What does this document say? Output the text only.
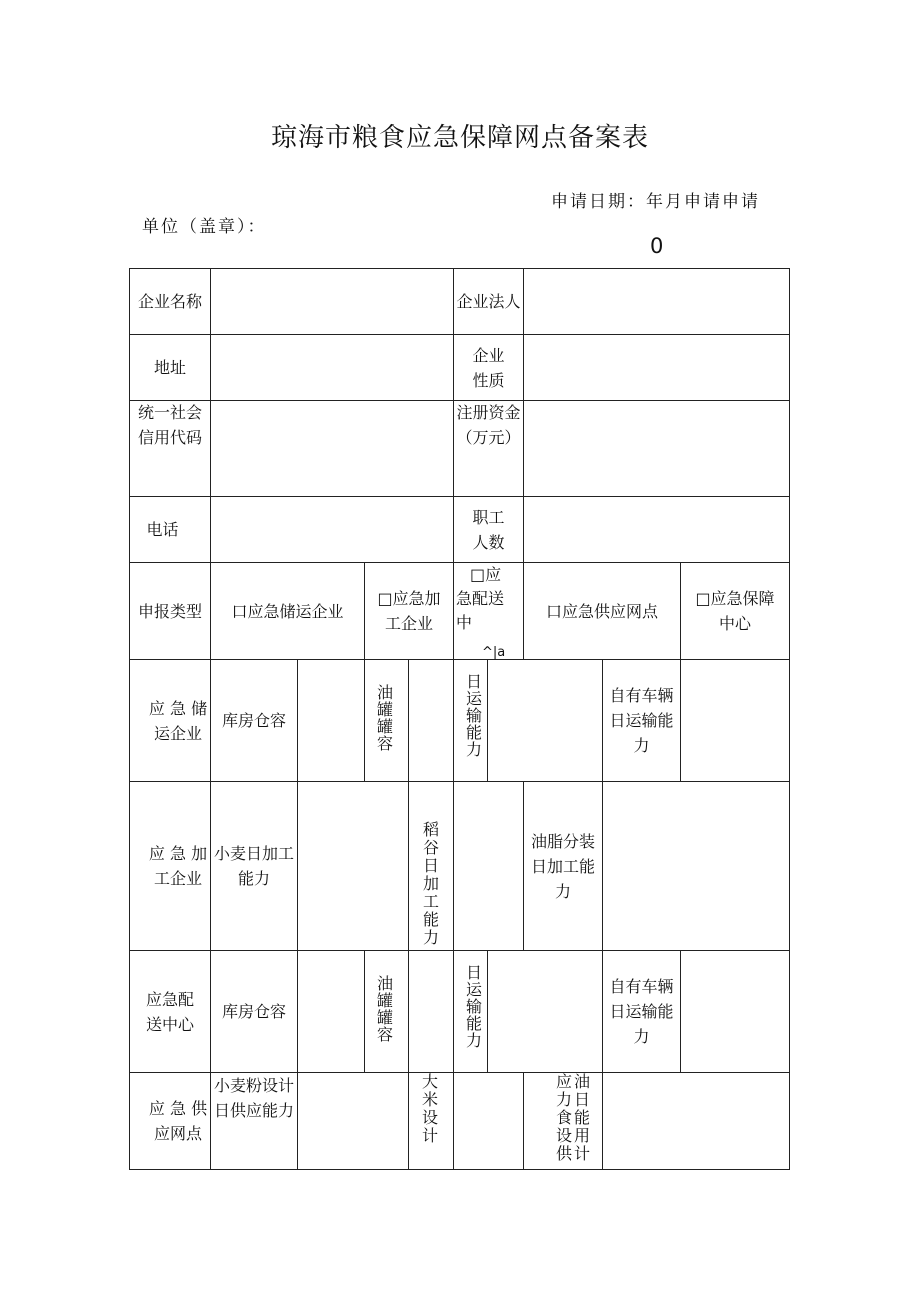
琼海市粮食应急保障网点备案表
申请日期：年月申请申请
单位（盖章）：
0
企业名称	企业法人
地址
企业
性质
统一社会
信用代码
注册资金
（万元）
电话
职工
人数
申报类型 口应急储运企业
□应急加
工企业
□应
急配送
中
^|a
口应急供应网点
□应急保障
中心
应 急 储
运企业
库房仓容
油罐罐容
日运输能力
自有车辆
日运输能
力
应 急 加
工企业
小麦日加工
能力
稻谷日加工能力
油脂分装
日加工能
力
应急配
送中心
库房仓容
油罐罐容
日运输能力
自有车辆
日运输能
力
应 急 供
应网点
小麦粉设计
日供应能力
大米设计
应力食设供
油日能用计
